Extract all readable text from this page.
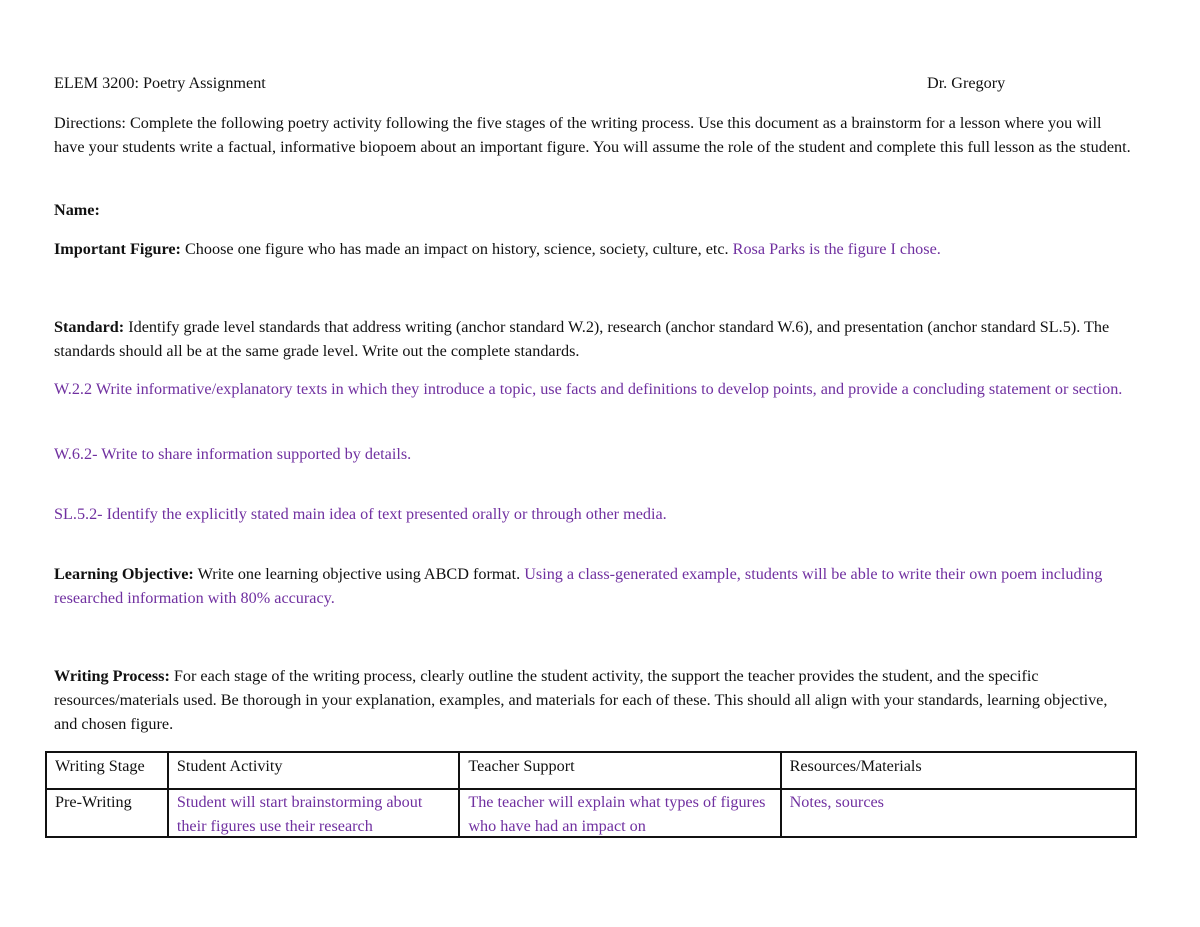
ELEM 3200: Poetry Assignment	Dr. Gregory
Directions: Complete the following poetry activity following the five stages of the writing process. Use this document as a brainstorm for a lesson where you will have your students write a factual, informative biopoem about an important figure. You will assume the role of the student and complete this full lesson as the student.
Name:
Important Figure: Choose one figure who has made an impact on history, science, society, culture, etc. Rosa Parks is the figure I chose.
Standard: Identify grade level standards that address writing (anchor standard W.2), research (anchor standard W.6), and presentation (anchor standard SL.5). The standards should all be at the same grade level. Write out the complete standards.
W.2.2 Write informative/explanatory texts in which they introduce a topic, use facts and definitions to develop points, and provide a concluding statement or section.
W.6.2- Write to share information supported by details.
SL.5.2- Identify the explicitly stated main idea of text presented orally or through other media.
Learning Objective: Write one learning objective using ABCD format. Using a class-generated example, students will be able to write their own poem including researched information with 80% accuracy.
Writing Process: For each stage of the writing process, clearly outline the student activity, the support the teacher provides the student, and the specific resources/materials used. Be thorough in your explanation, examples, and materials for each of these. This should all align with your standards, learning objective, and chosen figure.
Writing Stage	Student Activity	Teacher Support	Resources/Materials

Pre-Writing	Student will start brainstorming about their figures use their research	The teacher will explain what types of figures who have had an impact on	Notes, sources
